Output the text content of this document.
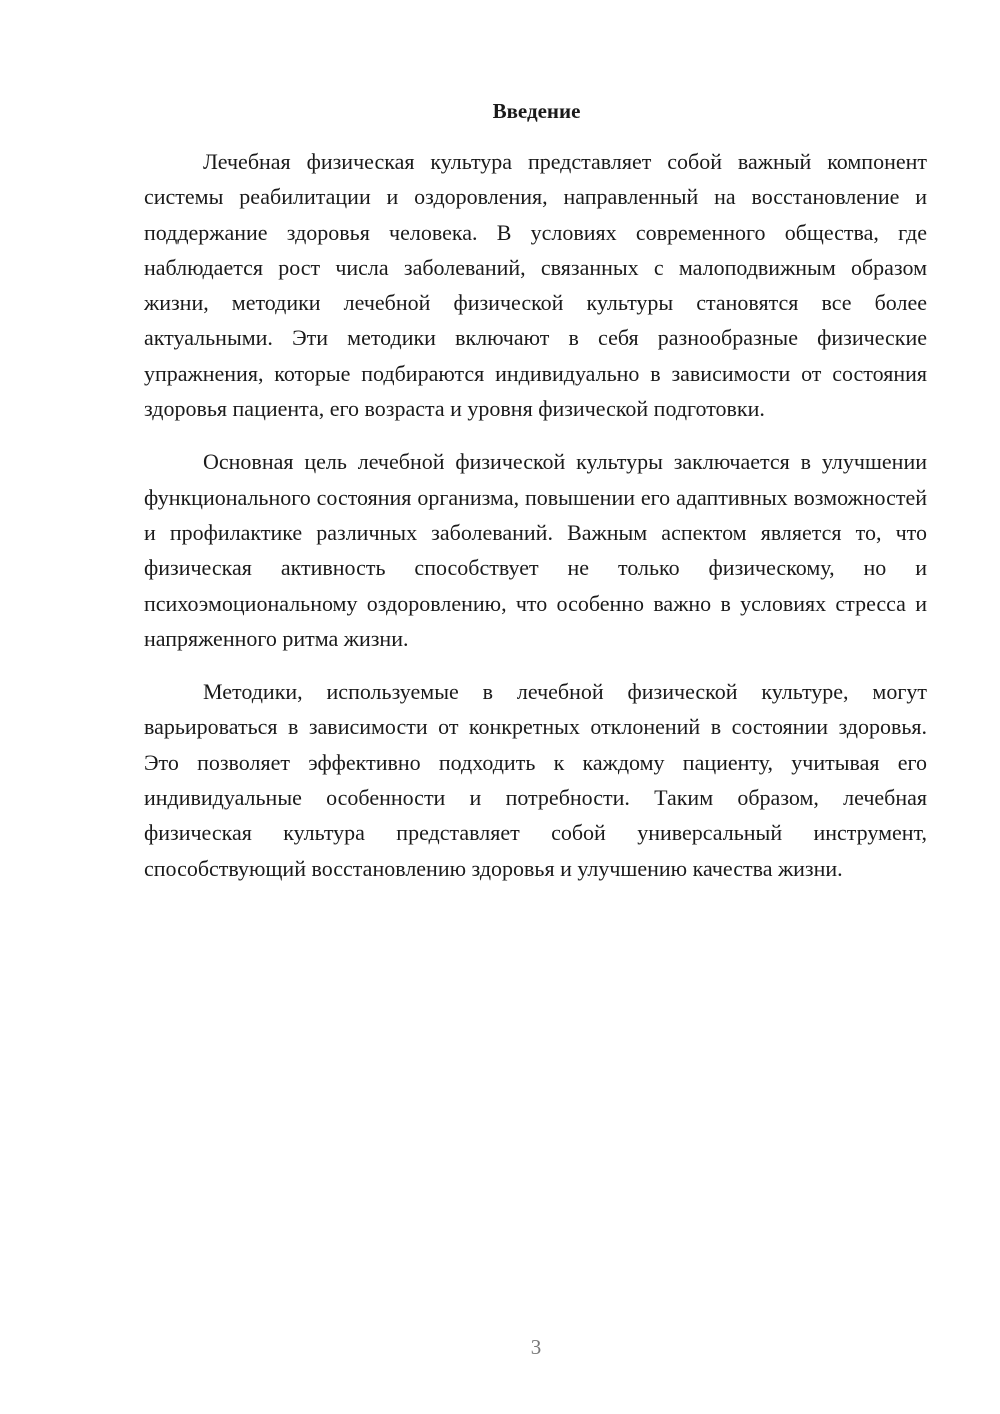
Введение

Лечебная физическая культура представляет собой важный компонент системы реабилитации и оздоровления, направленный на восстановление и поддержание здоровья человека. В условиях современного общества, где наблюдается рост числа заболеваний, связанных с малоподвижным образом жизни, методики лечебной физической культуры становятся все более актуальными. Эти методики включают в себя разнообразные физические упражнения, которые подбираются индивидуально в зависимости от состояния здоровья пациента, его возраста и уровня физической подготовки.

Основная цель лечебной физической культуры заключается в улучшении функционального состояния организма, повышении его адаптивных возможностей и профилактике различных заболеваний. Важным аспектом является то, что физическая активность способствует не только физическому, но и психоэмоциональному оздоровлению, что особенно важно в условиях стресса и напряженного ритма жизни.

Методики, используемые в лечебной физической культуре, могут варьироваться в зависимости от конкретных отклонений в состоянии здоровья. Это позволяет эффективно подходить к каждому пациенту, учитывая его индивидуальные особенности и потребности. Таким образом, лечебная физическая культура представляет собой универсальный инструмент, способствующий восстановлению здоровья и улучшению качества жизни.

3
